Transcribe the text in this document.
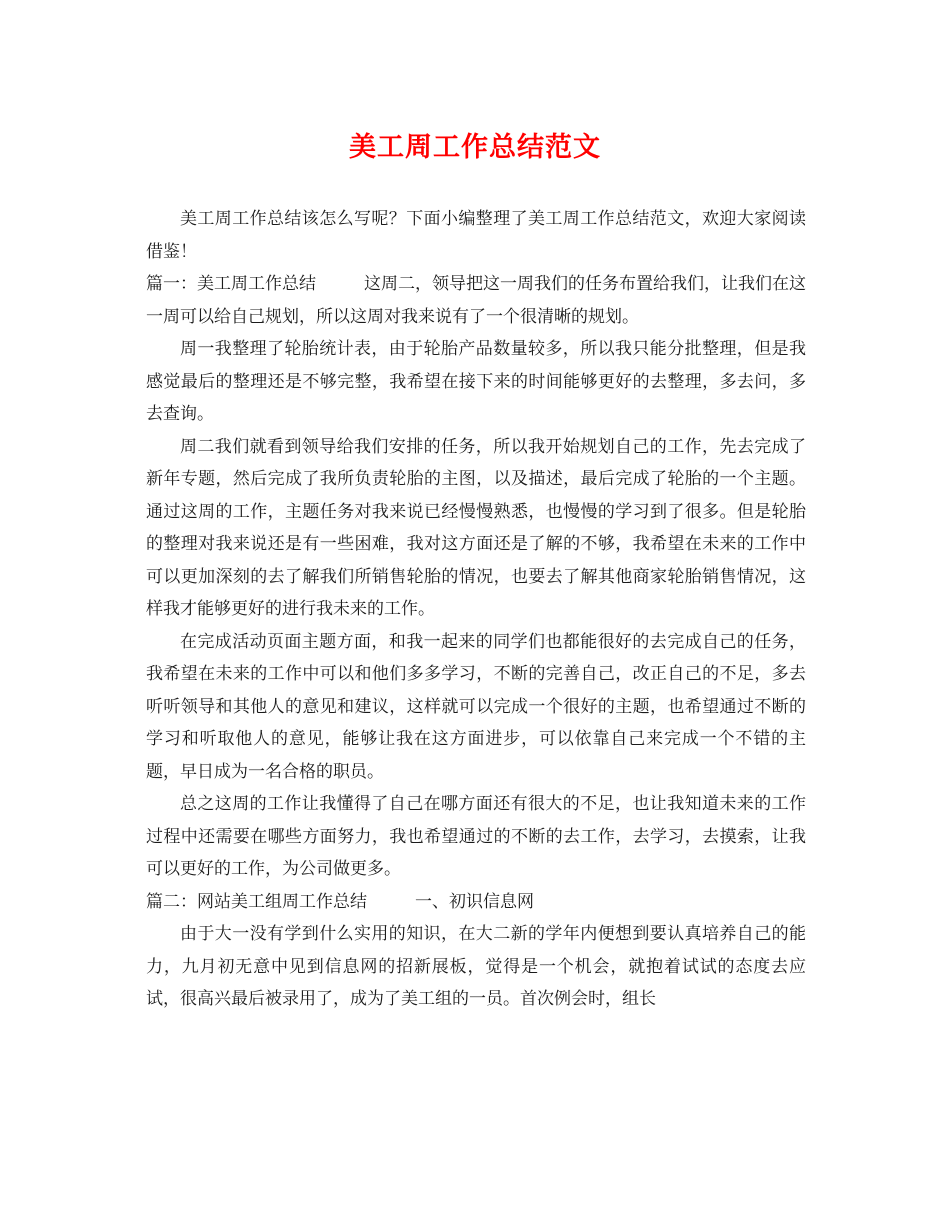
美工周工作总结范文

美工周工作总结该怎么写呢？下面小编整理了美工周工作总结范文，欢迎大家阅读借鉴！

篇一：美工周工作总结	这周二，领导把这一周我们的任务布置给我们，让我们在这一周可以给自己规划，所以这周对我来说有了一个很清晰的规划。

周一我整理了轮胎统计表，由于轮胎产品数量较多，所以我只能分批整理，但是我感觉最后的整理还是不够完整，我希望在接下来的时间能够更好的去整理，多去问，多去查询。

周二我们就看到领导给我们安排的任务，所以我开始规划自己的工作，先去完成了新年专题，然后完成了我所负责轮胎的主图，以及描述，最后完成了轮胎的一个主题。通过这周的工作，主题任务对我来说已经慢慢熟悉，也慢慢的学习到了很多。但是轮胎的整理对我来说还是有一些困难，我对这方面还是了解的不够，我希望在未来的工作中可以更加深刻的去了解我们所销售轮胎的情况，也要去了解其他商家轮胎销售情况，这样我才能够更好的进行我未来的工作。

在完成活动页面主题方面，和我一起来的同学们也都能很好的去完成自己的任务，我希望在未来的工作中可以和他们多多学习，不断的完善自己，改正自己的不足，多去听听领导和其他人的意见和建议，这样就可以完成一个很好的主题，也希望通过不断的学习和听取他人的意见，能够让我在这方面进步，可以依靠自己来完成一个不错的主题，早日成为一名合格的职员。

总之这周的工作让我懂得了自己在哪方面还有很大的不足，也让我知道未来的工作过程中还需要在哪些方面努力，我也希望通过的不断的去工作，去学习，去摸索，让我可以更好的工作，为公司做更多。

篇二：网站美工组周工作总结	一、初识信息网

由于大一没有学到什么实用的知识，在大二新的学年内便想到要认真培养自己的能力，九月初无意中见到信息网的招新展板，觉得是一个机会，就抱着试试的态度去应试，很高兴最后被录用了，成为了美工组的一员。首次例会时，组长
